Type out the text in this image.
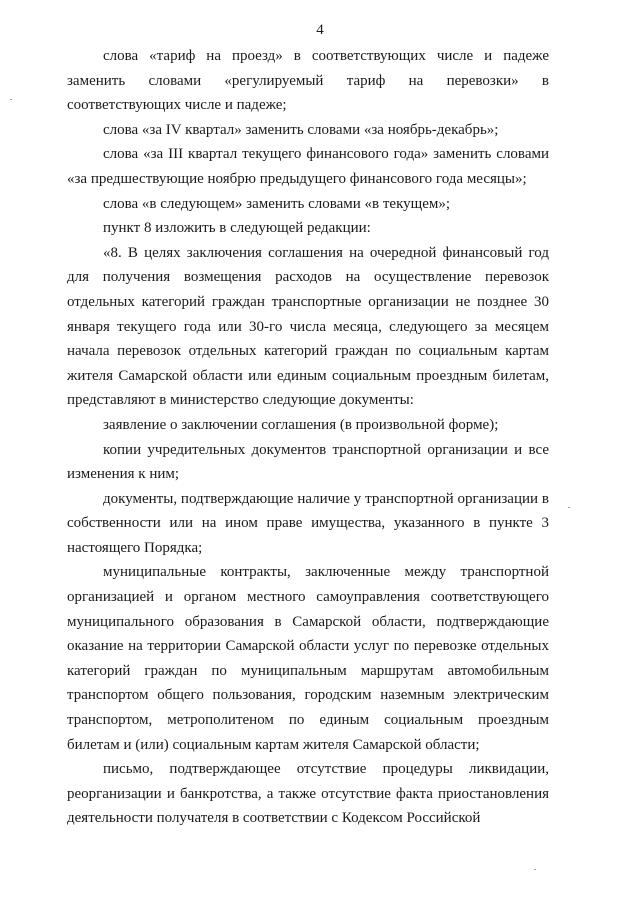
4

слова «тариф на проезд» в соответствующих числе и падеже заменить словами «регулируемый тариф на перевозки» в соответствующих числе и падеже;

слова «за IV квартал» заменить словами «за ноябрь-декабрь»;

слова «за III квартал текущего финансового года» заменить словами «за предшествующие ноябрю предыдущего финансового года месяцы»;

слова «в следующем» заменить словами «в текущем»;

пункт 8 изложить в следующей редакции:

«8. В целях заключения соглашения на очередной финансовый год для получения возмещения расходов на осуществление перевозок отдельных категорий граждан транспортные организации не позднее 30 января текущего года или 30-го числа месяца, следующего за месяцем начала перевозок отдельных категорий граждан по социальным картам жителя Самарской области или единым социальным проездным билетам, представляют в министерство следующие документы:

заявление о заключении соглашения (в произвольной форме);

копии учредительных документов транспортной организации и все изменения к ним;

документы, подтверждающие наличие у транспортной организации в собственности или на ином праве имущества, указанного в пункте 3 настоящего Порядка;

муниципальные контракты, заключенные между транспортной организацией и органом местного самоуправления соответствующего муниципального образования в Самарской области, подтверждающие оказание на территории Самарской области услуг по перевозке отдельных категорий граждан по муниципальным маршрутам автомобильным транспортом общего пользования, городским наземным электрическим транспортом, метрополитеном по единым социальным проездным билетам и (или) социальным картам жителя Самарской области;

письмо, подтверждающее отсутствие процедуры ликвидации, реорганизации и банкротства, а также отсутствие факта приостановления деятельности получателя в соответствии с Кодексом Российской
